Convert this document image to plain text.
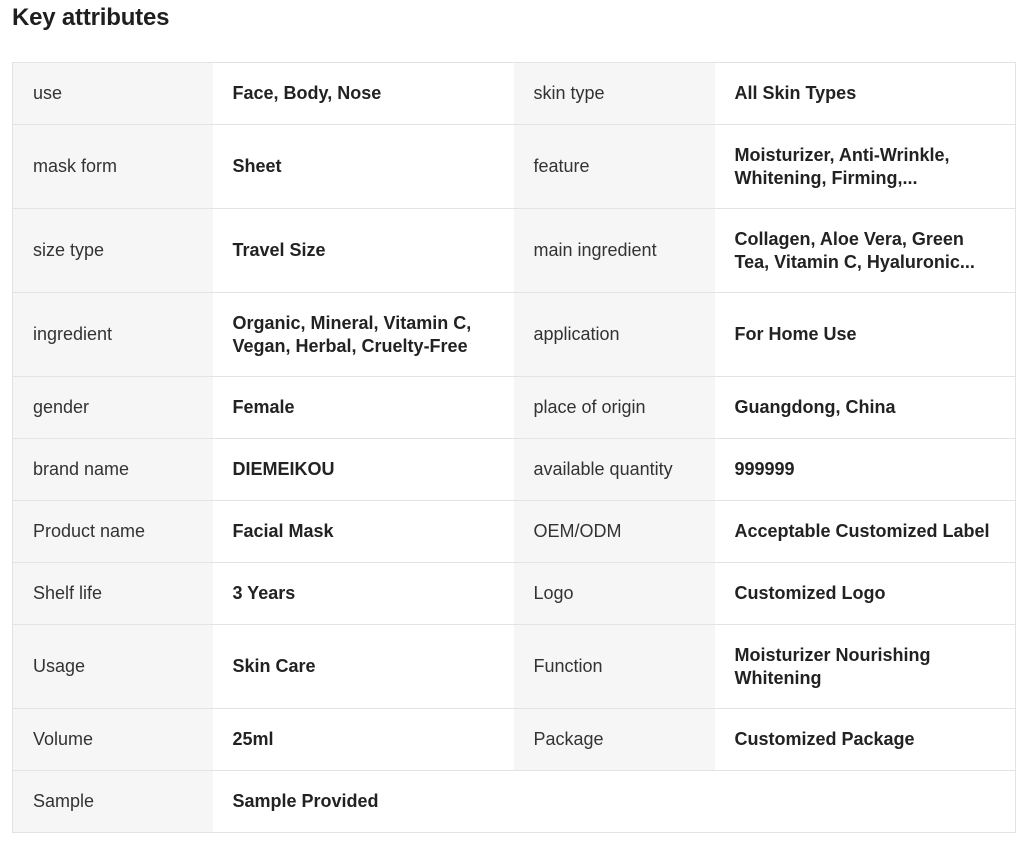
Key attributes
use	Face, Body, Nose	skin type	All Skin Types
mask form	Sheet	feature	Moisturizer, Anti-Wrinkle, Whitening, Firming,...
size type	Travel Size	main ingredient	Collagen, Aloe Vera, Green Tea, Vitamin C, Hyaluronic...
ingredient	Organic, Mineral, Vitamin C, Vegan, Herbal, Cruelty-Free	application	For Home Use
gender	Female	place of origin	Guangdong, China
brand name	DIEMEIKOU	available quantity	999999
Product name	Facial Mask	OEM/ODM	Acceptable Customized Label
Shelf life	3 Years	Logo	Customized Logo
Usage	Skin Care	Function	Moisturizer Nourishing Whitening
Volume	25ml	Package	Customized Package
Sample	Sample Provided		
